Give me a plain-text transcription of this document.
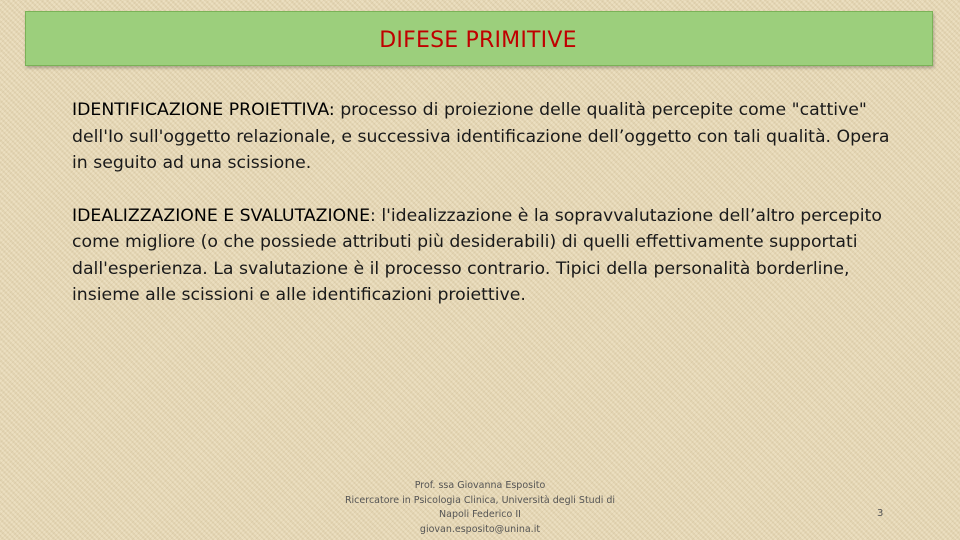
DIFESE PRIMITIVE

IDENTIFICAZIONE PROIETTIVA: processo di proiezione delle qualità percepite come "cattive" dell'Io sull'oggetto relazionale, e successiva identificazione dell’oggetto con tali qualità. Opera in seguito ad una scissione.

IDEALIZZAZIONE E SVALUTAZIONE: l'idealizzazione è la sopravvalutazione dell’altro percepito come migliore (o che possiede attributi più desiderabili) di quelli effettivamente supportati dall'esperienza. La svalutazione è il processo contrario. Tipici della personalità borderline, insieme alle scissioni e alle identificazioni proiettive.

Prof. ssa Giovanna Esposito
Ricercatore in Psicologia Clinica, Università degli Studi di
Napoli Federico II
giovan.esposito@unina.it
3
